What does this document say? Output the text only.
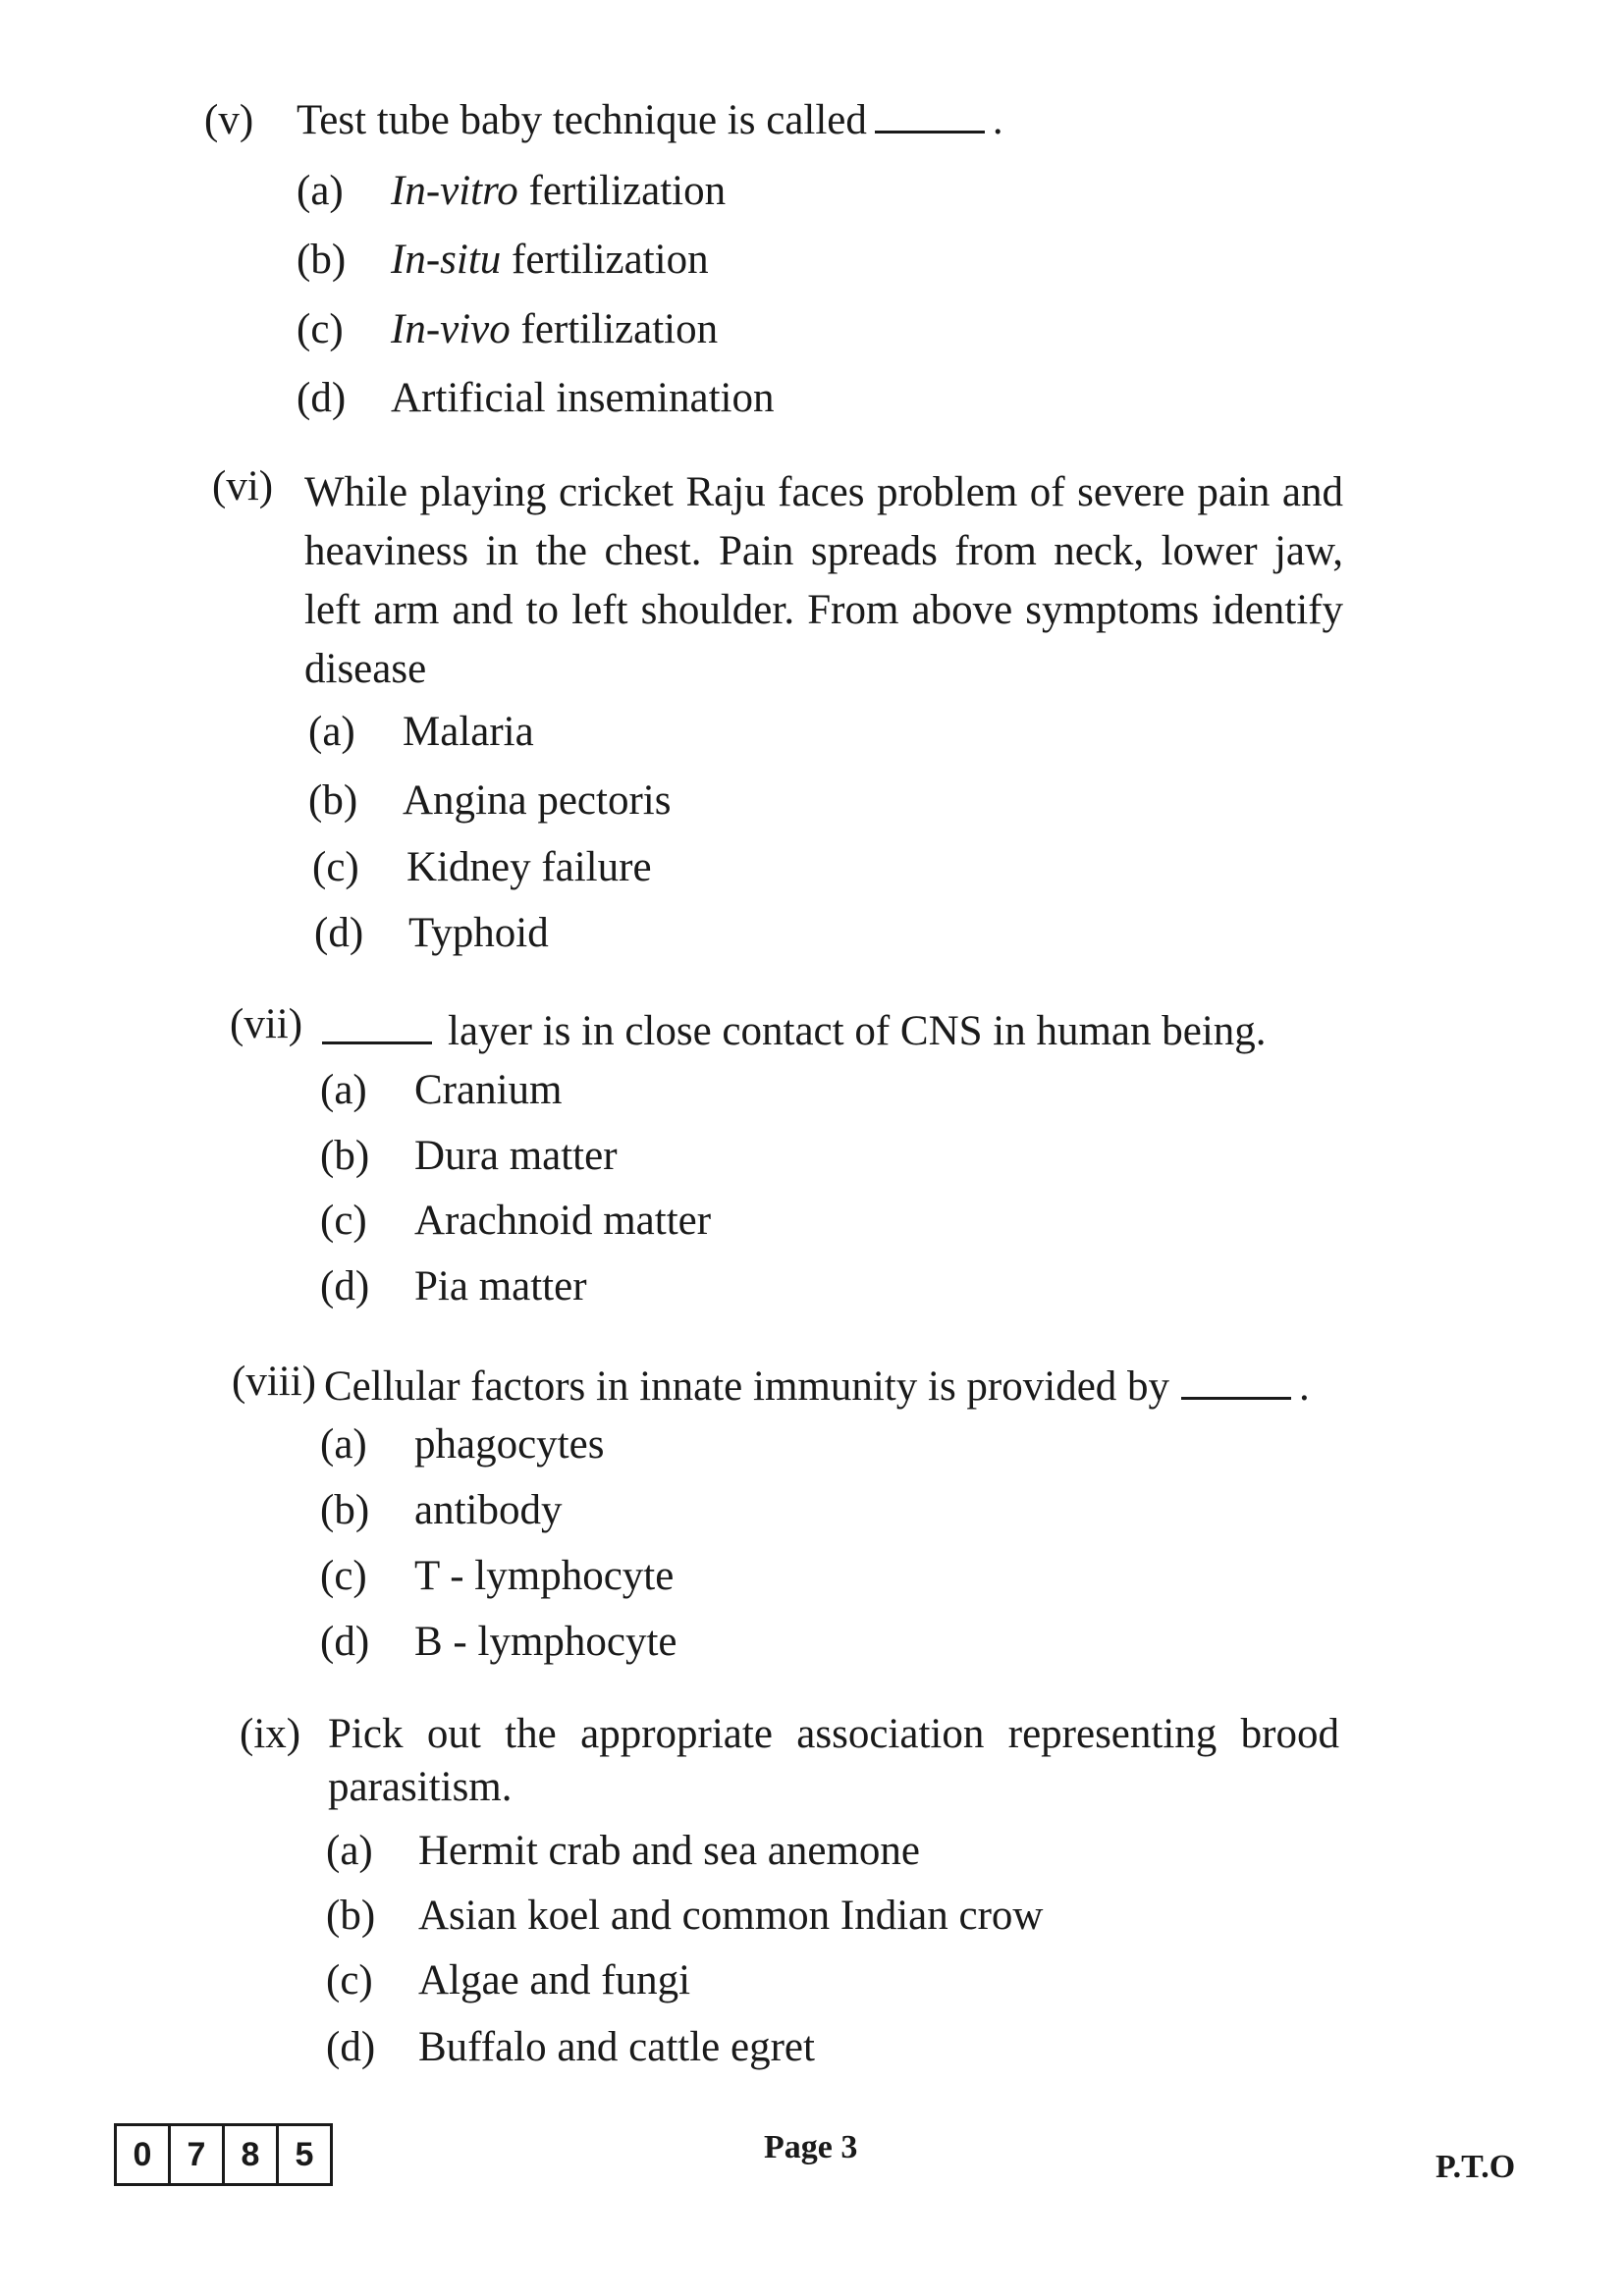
(v) Test tube baby technique is called	.
(a) In-vitro fertilization
(b) In-situ fertilization
(c) In-vivo fertilization
(d) Artificial insemination
(vi) While playing cricket Raju faces problem of severe pain and heaviness in the chest. Pain spreads from neck, lower jaw, left arm and to left shoulder. From above symptoms identify disease
(a) Malaria
(b) Angina pectoris
(c) Kidney failure
(d) Typhoid
(vii)	layer is in close contact of CNS in human being.
(a) Cranium
(b) Dura matter
(c) Arachnoid matter
(d) Pia matter
(viii) Cellular factors in innate immunity is provided by	.
(a) phagocytes
(b) antibody
(c) T - lymphocyte
(d) B - lymphocyte
(ix) Pick out the appropriate association representing brood parasitism.
(a) Hermit crab and sea anemone
(b) Asian koel and common Indian crow
(c) Algae and fungi
(d) Buffalo and cattle egret
0	7	8	5	Page 3
P.T.O
